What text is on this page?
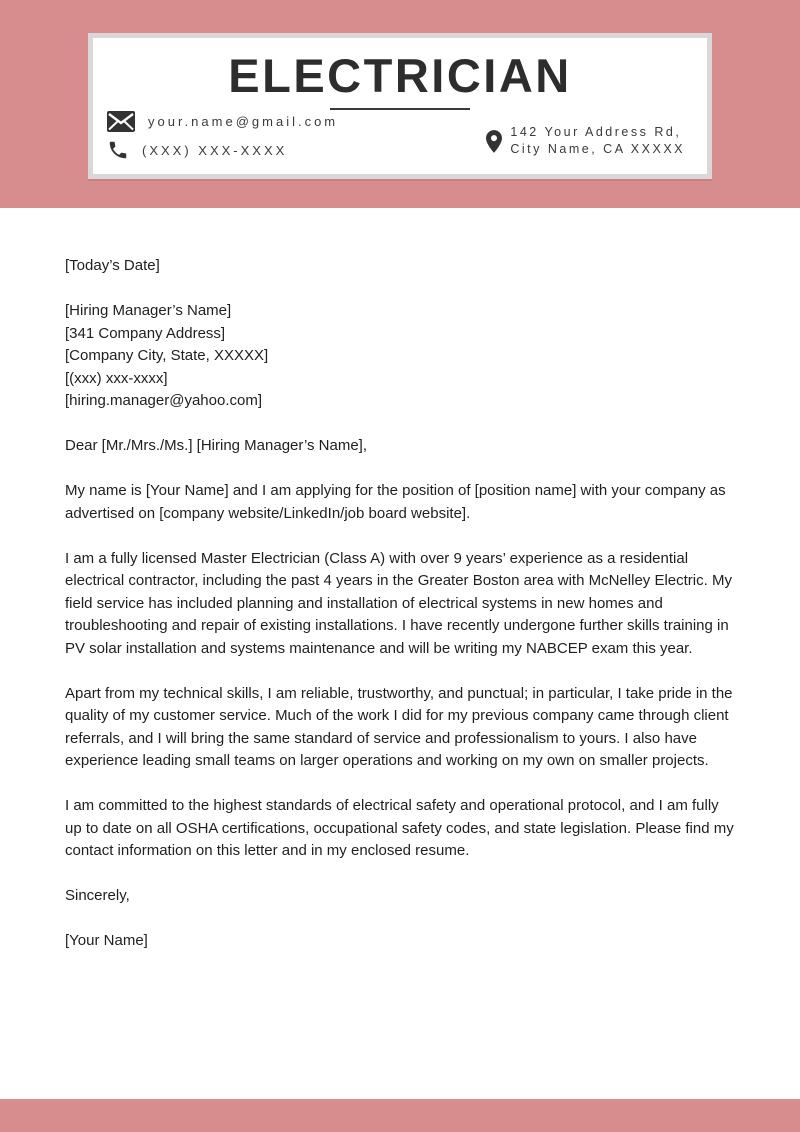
ELECTRICIAN
your.name@gmail.com
(XXX) XXX-XXXX
142 Your Address Rd,
City Name, CA XXXXX

[Today’s Date]

[Hiring Manager’s Name]

[341 Company Address]

[Company City, State, XXXXX]

[(xxx) xxx-xxxx]

[hiring.manager@yahoo.com]

Dear [Mr./Mrs./Ms.] [Hiring Manager’s Name],

My name is [Your Name] and I am applying for the position of [position name] with your company as advertised on [company website/LinkedIn/job board website].

I am a fully licensed Master Electrician (Class A) with over 9 years’ experience as a residential electrical contractor, including the past 4 years in the Greater Boston area with McNelley Electric. My field service has included planning and installation of electrical systems in new homes and troubleshooting and repair of existing installations. I have recently undergone further skills training in PV solar installation and systems maintenance and will be writing my NABCEP exam this year.

Apart from my technical skills, I am reliable, trustworthy, and punctual; in particular, I take pride in the quality of my customer service. Much of the work I did for my previous company came through client referrals, and I will bring the same standard of service and professionalism to yours. I also have experience leading small teams on larger operations and working on my own on smaller projects.

I am committed to the highest standards of electrical safety and operational protocol, and I am fully up to date on all OSHA certifications, occupational safety codes, and state legislation. Please find my contact information on this letter and in my enclosed resume.

Sincerely,

[Your Name]
